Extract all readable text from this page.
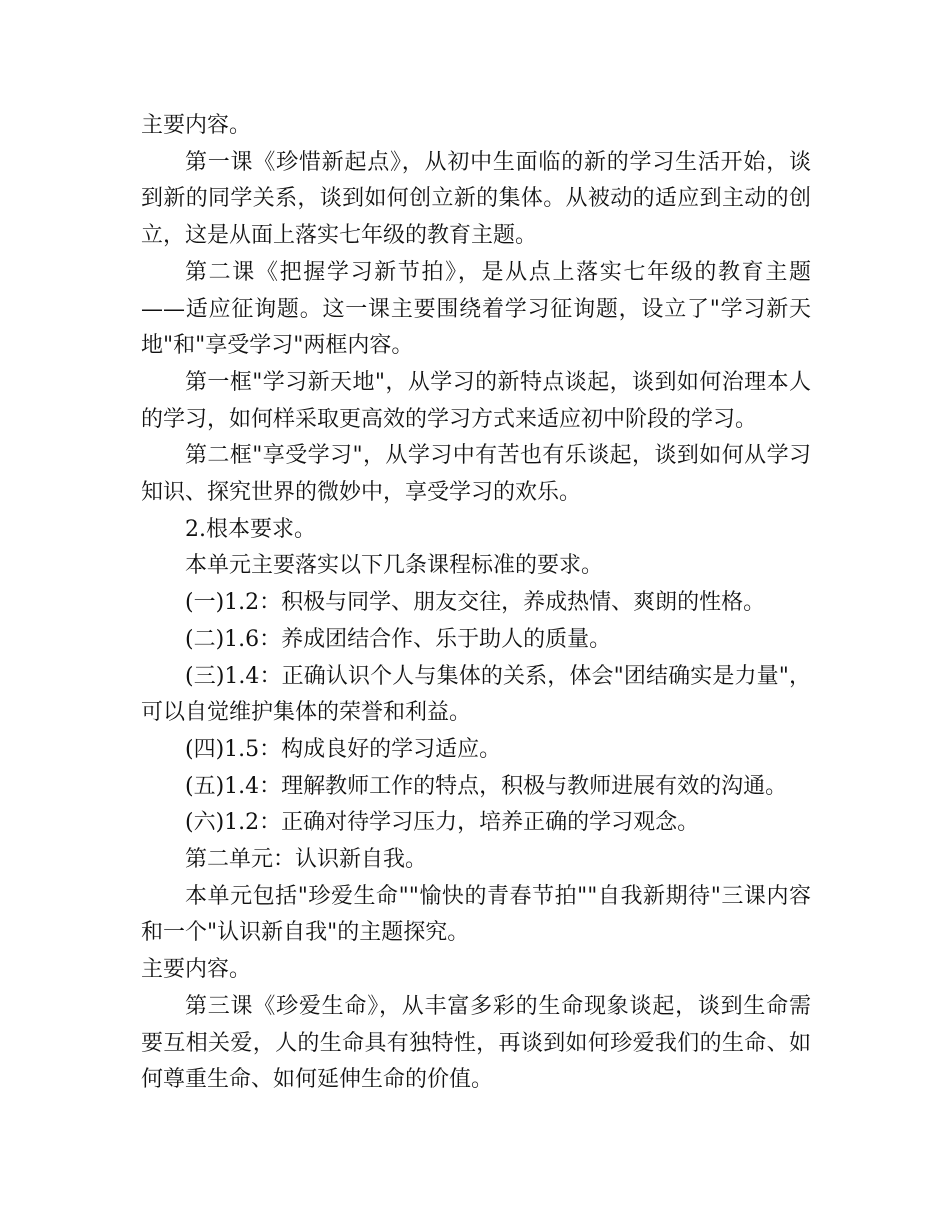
主要内容。

第一课《珍惜新起点》，从初中生面临的新的学习生活开始，谈到新的同学关系，谈到如何创立新的集体。从被动的适应到主动的创立，这是从面上落实七年级的教育主题。

第二课《把握学习新节拍》，是从点上落实七年级的教育主题——适应征询题。这一课主要围绕着学习征询题，设立了"学习新天地"和"享受学习"两框内容。

第一框"学习新天地"，从学习的新特点谈起，谈到如何治理本人的学习，如何样采取更高效的学习方式来适应初中阶段的学习。

第二框"享受学习"，从学习中有苦也有乐谈起，谈到如何从学习知识、探究世界的微妙中，享受学习的欢乐。

2.根本要求。

本单元主要落实以下几条课程标准的要求。

(一)1.2：积极与同学、朋友交往，养成热情、爽朗的性格。

(二)1.6：养成团结合作、乐于助人的质量。

(三)1.4：正确认识个人与集体的关系，体会"团结确实是力量"，可以自觉维护集体的荣誉和利益。

(四)1.5：构成良好的学习适应。

(五)1.4：理解教师工作的特点，积极与教师进展有效的沟通。

(六)1.2：正确对待学习压力，培养正确的学习观念。

第二单元：认识新自我。

本单元包括"珍爱生命""愉快的青春节拍""自我新期待"三课内容和一个"认识新自我"的主题探究。

主要内容。

第三课《珍爱生命》，从丰富多彩的生命现象谈起，谈到生命需要互相关爱，人的生命具有独特性，再谈到如何珍爱我们的生命、如何尊重生命、如何延伸生命的价值。
